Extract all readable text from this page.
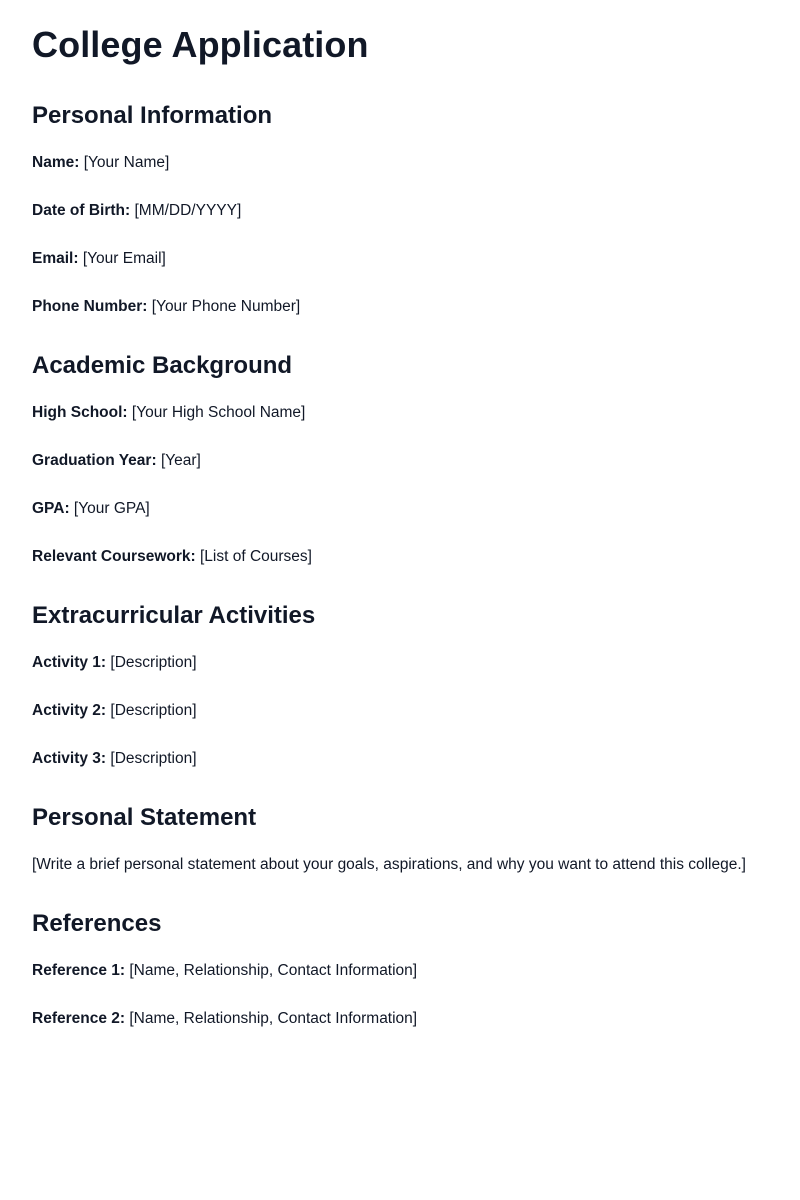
College Application
Personal Information

Name: [Your Name]

Date of Birth: [MM/DD/YYYY]

Email: [Your Email]

Phone Number: [Your Phone Number]

Academic Background

High School: [Your High School Name]

Graduation Year: [Year]

GPA: [Your GPA]

Relevant Coursework: [List of Courses]

Extracurricular Activities

Activity 1: [Description]

Activity 2: [Description]

Activity 3: [Description]

Personal Statement

[Write a brief personal statement about your goals, aspirations, and why you want to attend this college.]

References

Reference 1: [Name, Relationship, Contact Information]

Reference 2: [Name, Relationship, Contact Information]
